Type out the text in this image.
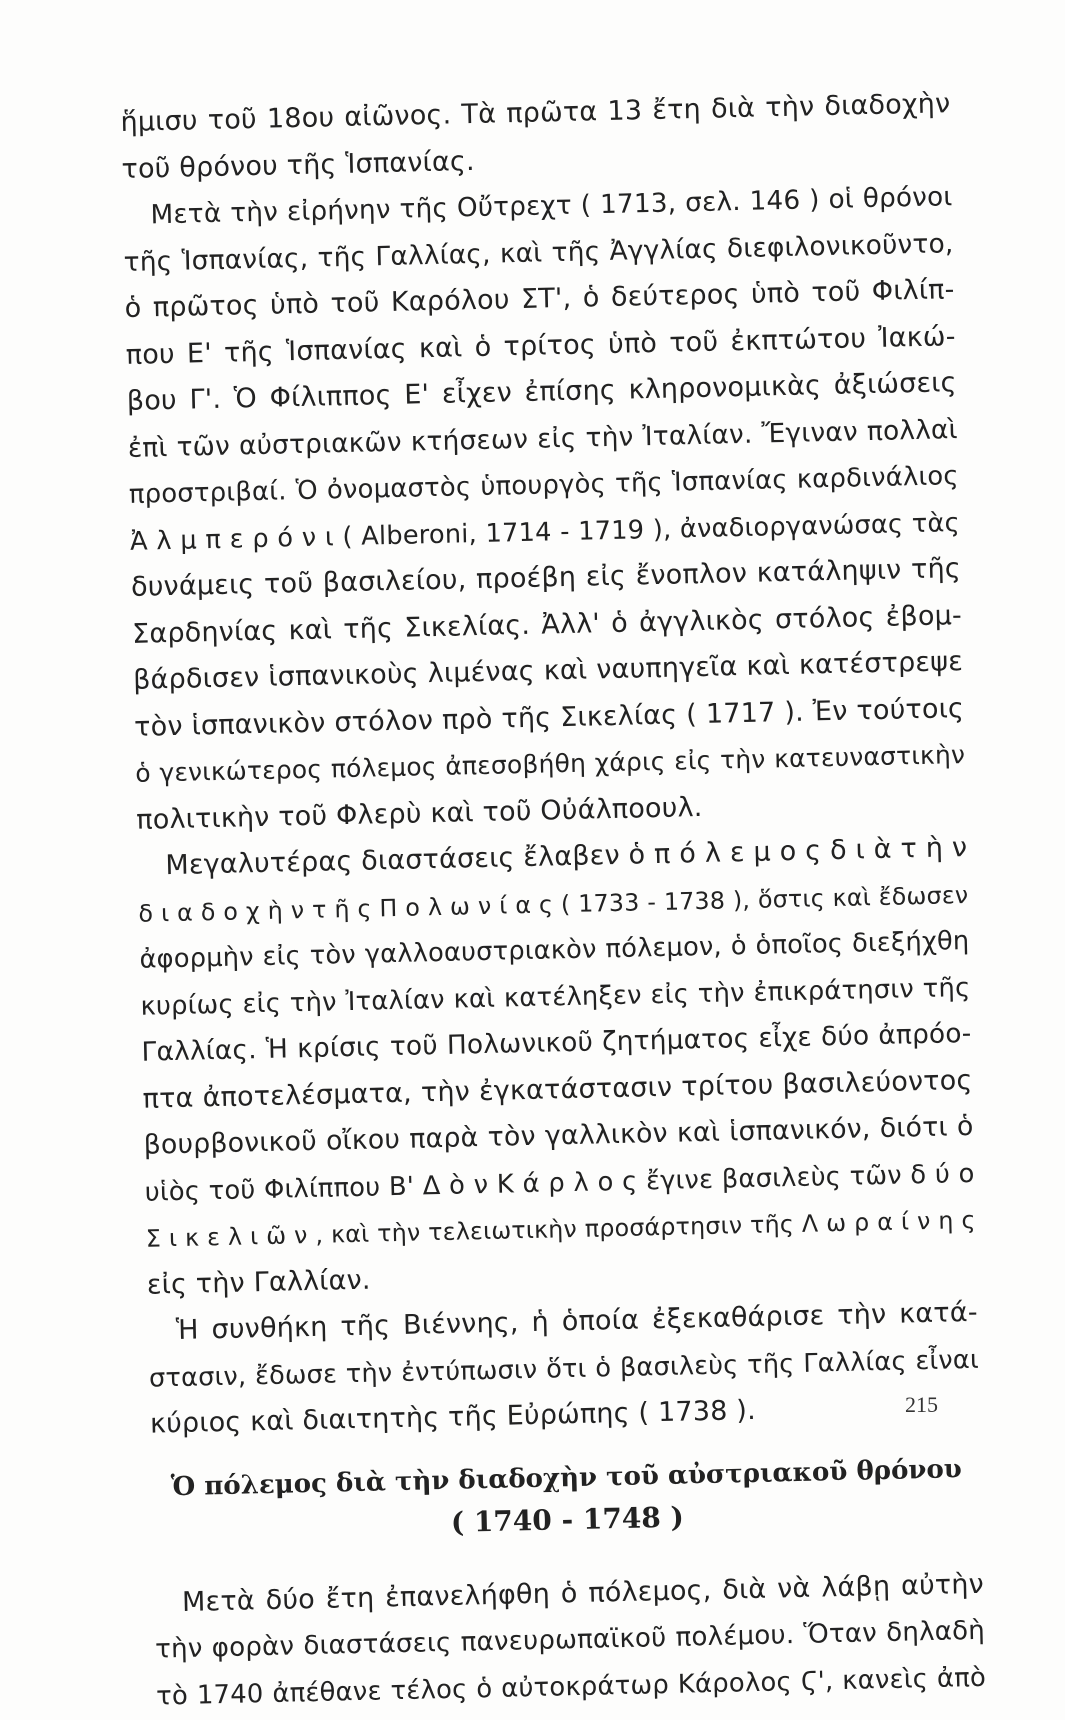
ἥμισυ τοῦ 18ου αἰῶνος. Τὰ πρῶτα 13 ἔτη διὰ τὴν διαδοχὴν
τοῦ θρόνου τῆς Ἱσπανίας.
Μετὰ τὴν εἰρήνην τῆς Οὔτρεχτ ( 1713, σελ. 146 ) οἱ θρόνοι
τῆς Ἱσπανίας, τῆς Γαλλίας, καὶ τῆς Ἀγγλίας διεφιλονικοῦντο,
ὁ πρῶτος ὑπὸ τοῦ Καρόλου ΣΤ', ὁ δεύτερος ὑπὸ τοῦ Φιλίπ-
που Ε' τῆς Ἱσπανίας καὶ ὁ τρίτος ὑπὸ τοῦ ἐκπτώτου Ἰακώ-
βου Γ'. Ὁ Φίλιππος Ε' εἶχεν ἐπίσης κληρονομικὰς ἀξιώσεις
ἐπὶ τῶν αὐστριακῶν κτήσεων εἰς τὴν Ἰταλίαν. Ἔγιναν πολλαὶ
προστριβαί. Ὁ ὀνομαστὸς ὑπουργὸς τῆς Ἱσπανίας καρδινάλιος
Ἀ λ μ π ε ρ ό ν ι ( Alberoni, 1714 - 1719 ), ἀναδιοργανώσας τὰς
δυνάμεις τοῦ βασιλείου, προέβη εἰς ἔνοπλον κατάληψιν τῆς
Σαρδηνίας καὶ τῆς Σικελίας. Ἀλλ' ὁ ἀγγλικὸς στόλος ἐβομ-
βάρδισεν ἱσπανικοὺς λιμένας καὶ ναυπηγεῖα καὶ κατέστρεψε
τὸν ἱσπανικὸν στόλον πρὸ τῆς Σικελίας ( 1717 ). Ἐν τούτοις
ὁ γενικώτερος πόλεμος ἀπεσοβήθη χάρις εἰς τὴν κατευναστικὴν
πολιτικὴν τοῦ Φλερὺ καὶ τοῦ Οὐάλποουλ.
Μεγαλυτέρας διαστάσεις ἔλαβεν ὁ π ό λ ε μ ο ς δ ι ὰ τ ὴ ν
δ ι α δ ο χ ὴ ν τ ῆ ς Π ο λ ω ν ί α ς ( 1733 - 1738 ), ὅστις καὶ ἔδωσεν
ἀφορμὴν εἰς τὸν γαλλοαυστριακὸν πόλεμον, ὁ ὁποῖος διεξήχθη
κυρίως εἰς τὴν Ἰταλίαν καὶ κατέληξεν εἰς τὴν ἐπικράτησιν τῆς
Γαλλίας. Ἡ κρίσις τοῦ Πολωνικοῦ ζητήματος εἶχε δύο ἀπρόο-
πτα ἀποτελέσματα, τὴν ἐγκατάστασιν τρίτου βασιλεύοντος
βουρβονικοῦ οἴκου παρὰ τὸν γαλλικὸν καὶ ἱσπανικόν, διότι ὁ
υἱὸς τοῦ Φιλίππου Β' Δ ὸ ν Κ ά ρ λ ο ς ἔγινε βασιλεὺς τῶν δ ύ ο
Σ ι κ ε λ ι ῶ ν , καὶ τὴν τελειωτικὴν προσάρτησιν τῆς Λ ω ρ α ί ν η ς
εἰς τὴν Γαλλίαν.
Ἡ συνθήκη τῆς Βιέννης, ἡ ὁποία ἐξεκαθάρισε τὴν κατά-
στασιν, ἔδωσε τὴν ἐντύπωσιν ὅτι ὁ βασιλεὺς τῆς Γαλλίας εἶναι
κύριος καὶ διαιτητὴς τῆς Εὐρώπης ( 1738 ).
Ὁ πόλεμος διὰ τὴν διαδοχὴν τοῦ αὐστριακοῦ θρόνου
( 1740 - 1748 )
Μετὰ δύο ἔτη ἐπανελήφθη ὁ πόλεμος, διὰ νὰ λάβῃ αὐτὴν
τὴν φορὰν διαστάσεις πανευρωπαϊκοῦ πολέμου. Ὅταν δηλαδὴ
τὸ 1740 ἀπέθανε τέλος ὁ αὐτοκράτωρ Κάρολος Ϛ', κανεὶς ἀπὸ
215
